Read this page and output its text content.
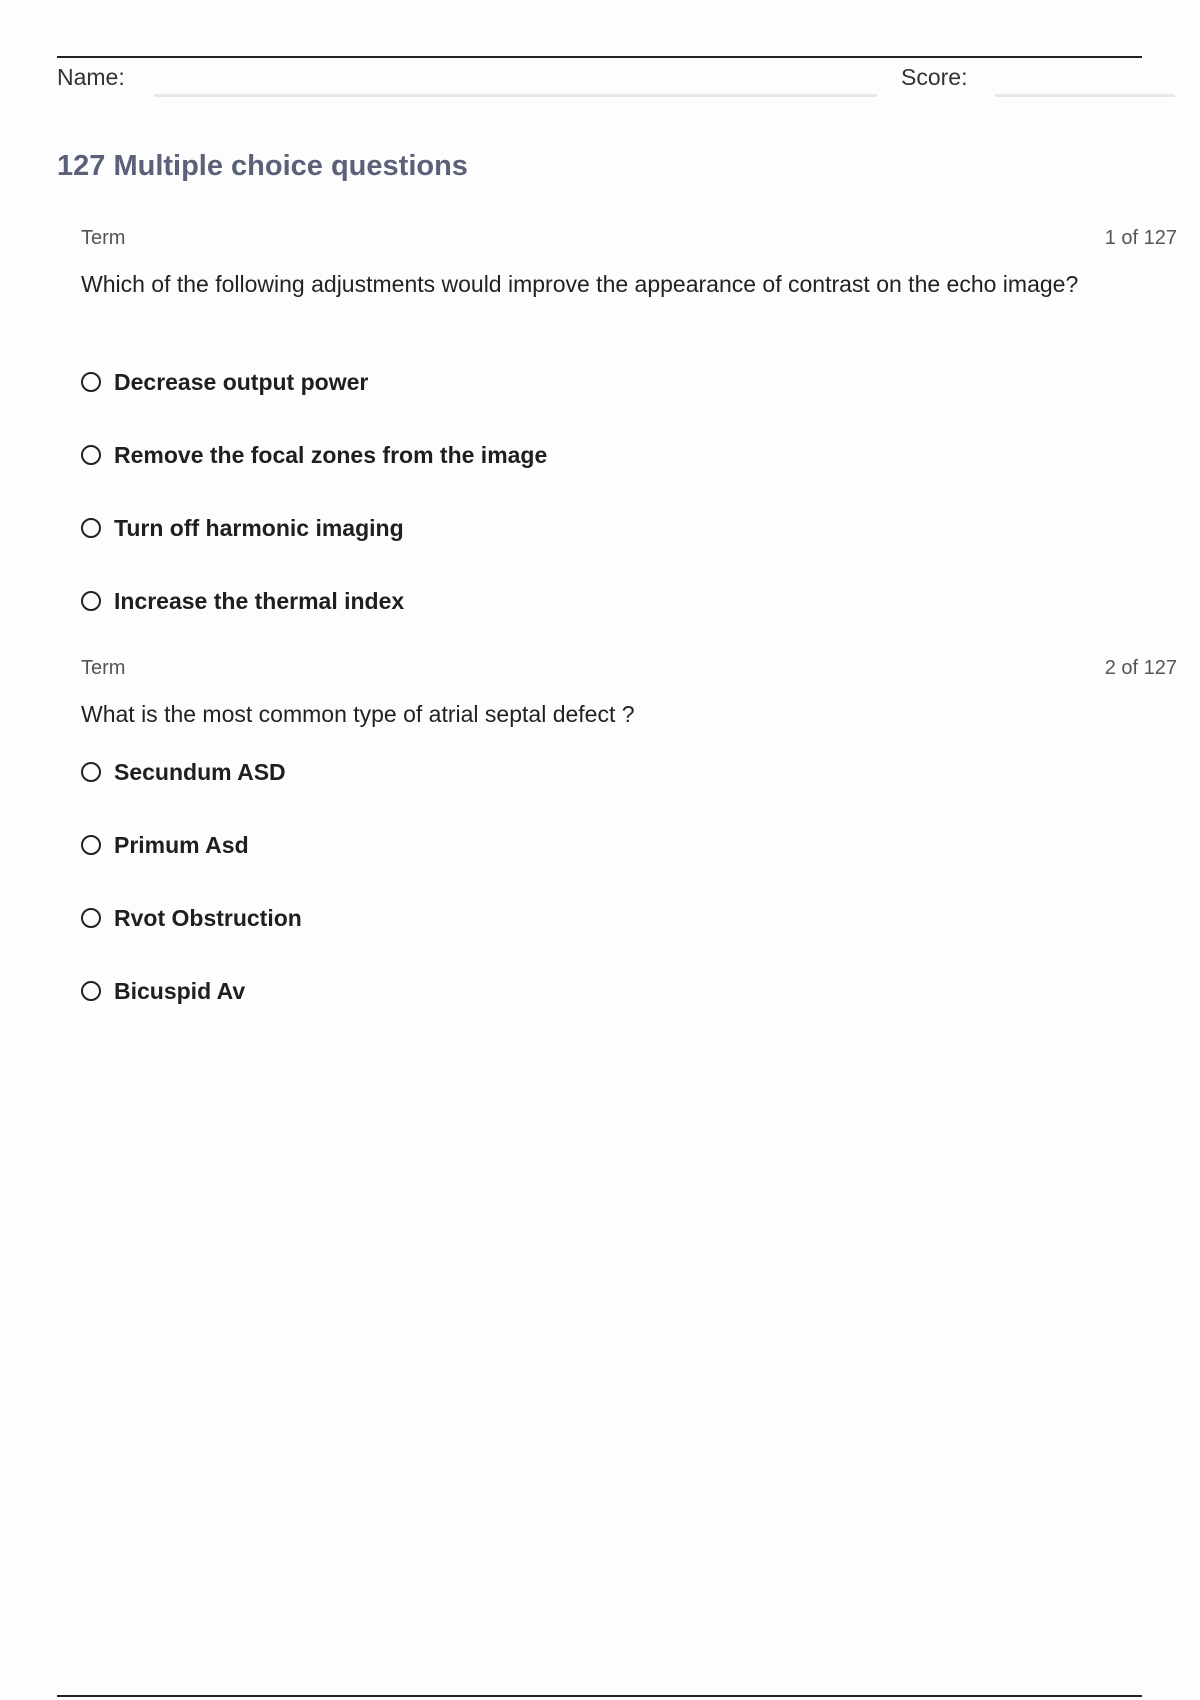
Name:	Score:
127 Multiple choice questions
Term	1 of 127

Which of the following adjustments would improve the appearance of contrast on the echo image?

Decrease output power
Remove the focal zones from the image
Turn off harmonic imaging
Increase the thermal index
Term	2 of 127

What is the most common type of atrial septal defect ?

Secundum ASD
Primum Asd
Rvot Obstruction
Bicuspid Av
